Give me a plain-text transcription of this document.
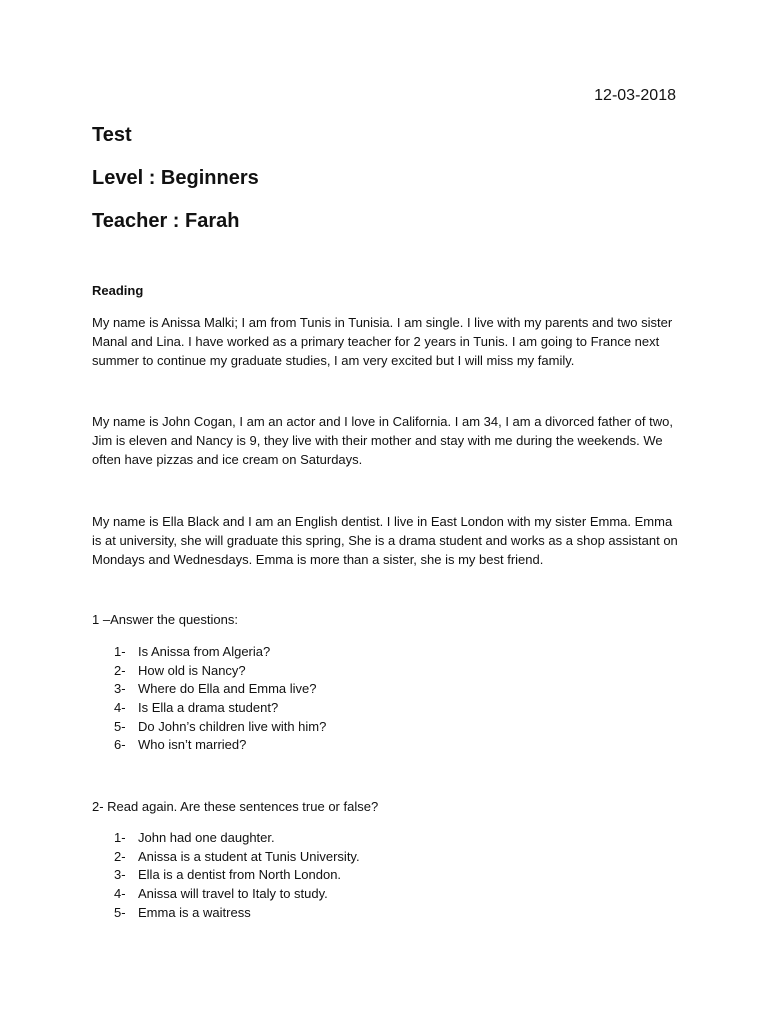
12-03-2018
Test
Level : Beginners
Teacher : Farah
Reading

My name is Anissa Malki; I am from Tunis in Tunisia. I am single. I live with my parents and two sister Manal and Lina. I have worked as a primary teacher for 2 years in Tunis. I am going to France next summer to continue my graduate studies, I am very excited but I will miss my family.

My name is John Cogan, I am an actor and I love in California. I am 34, I am a divorced father of two, Jim is eleven and Nancy is 9, they live with their mother and stay with me during the weekends. We often have pizzas and ice cream on Saturdays.

My name is Ella Black and I am an English dentist. I live in East London with my sister Emma. Emma is at university, she will graduate this spring, She is a drama student and works as a shop assistant on Mondays and Wednesdays. Emma is more than a sister, she is my best friend.

1 –Answer the questions:
1- Is Anissa from Algeria?
2- How old is Nancy?
3- Where do Ella and Emma live?
4- Is Ella a drama student?
5- Do John’s children live with him?
6- Who isn’t married?
2- Read again. Are these sentences true or false?
1- John had one daughter.
2- Anissa is a student at Tunis University.
3- Ella is a dentist from North London.
4- Anissa will travel to Italy to study.
5- Emma is a waitress
